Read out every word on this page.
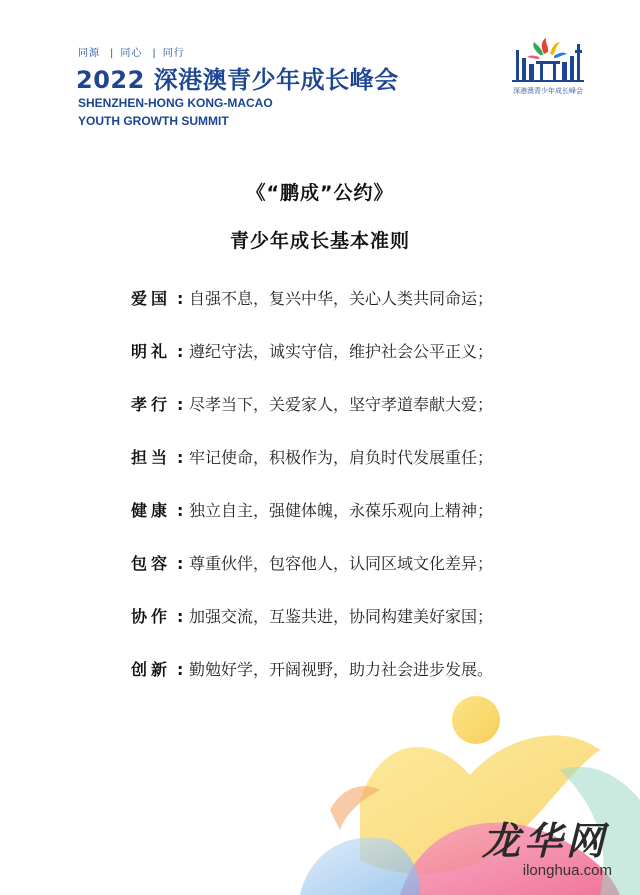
同源 | 同心 | 同行
2022 深港澳青少年成长峰会
SHENZHEN-HONG KONG-MACAO
YOUTH GROWTH SUMMIT
深港澳青少年成长峰会
《“鹏成”公约》
青少年成长基本准则
爱国 : 自强不息，复兴中华，关心人类共同命运；
明礼 : 遵纪守法，诚实守信，维护社会公平正义；
孝行 : 尽孝当下，关爱家人，坚守孝道奉献大爱；
担当 : 牢记使命，积极作为，肩负时代发展重任；
健康 : 独立自主，强健体魄，永葆乐观向上精神；
包容 : 尊重伙伴，包容他人，认同区域文化差异；
协作 : 加强交流，互鉴共进，协同构建美好家国；
创新 : 勤勉好学，开阔视野，助力社会进步发展。
龙华网
ilonghua.com
